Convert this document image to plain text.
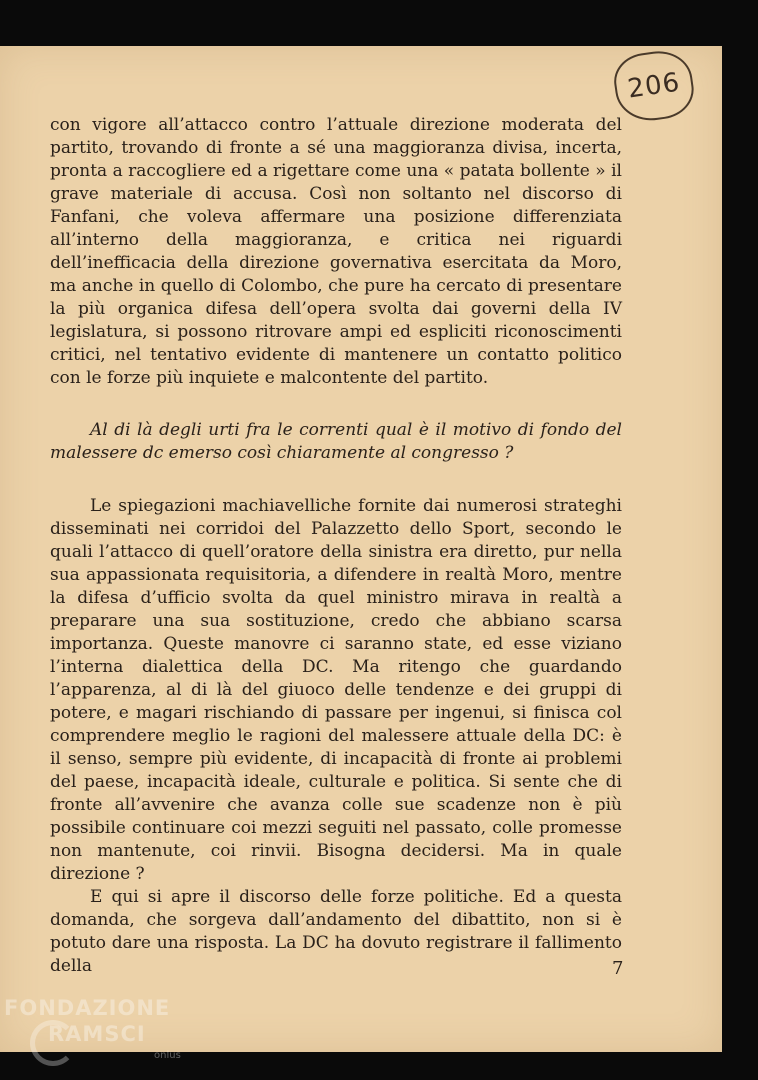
206

con vigore all’attacco contro l’attuale direzione moderata del partito, trovando di fronte a sé una maggioranza divisa, incerta, pronta a raccogliere ed a rigettare come una « patata bollente » il grave materiale di accusa. Così non soltanto nel discorso di Fanfani, che voleva affermare una posizione differenziata all’interno della maggioranza, e critica nei riguardi dell’inefficacia della direzione governativa esercitata da Moro, ma anche in quello di Colombo, che pure ha cercato di presentare la più organica difesa dell’opera svolta dai governi della IV legislatura, si possono ritrovare ampi ed espliciti riconoscimenti critici, nel tentativo evidente di mantenere un contatto politico con le forze più inquiete e malcontente del partito.

Al di là degli urti fra le correnti qual è il motivo di fondo del malessere dc emerso così chiaramente al congresso ?

Le spiegazioni machiavelliche fornite dai numerosi strateghi disseminati nei corridoi del Palazzetto dello Sport, secondo le quali l’attacco di quell’oratore della sinistra era diretto, pur nella sua appassionata requisitoria, a difendere in realtà Moro, mentre la difesa d’ufficio svolta da quel ministro mirava in realtà a preparare una sua sostituzione, credo che abbiano scarsa importanza. Queste manovre ci saranno state, ed esse viziano l’interna dialettica della DC. Ma ritengo che guardando l’apparenza, al di là del giuoco delle tendenze e dei gruppi di potere, e magari rischiando di passare per ingenui, si finisca col comprendere meglio le ragioni del malessere attuale della DC: è il senso, sempre più evidente, di incapacità di fronte ai problemi del paese, incapacità ideale, culturale e politica. Si sente che di fronte all’avvenire che avanza colle sue scadenze non è più possibile continuare coi mezzi seguiti nel passato, colle promesse non mantenute, coi rinvii. Bisogna decidersi. Ma in quale direzione ?

E qui si apre il discorso delle forze politiche. Ed a questa domanda, che sorgeva dall’andamento del dibattito, non si è potuto dare una risposta. La DC ha dovuto registrare il fallimento della	7
FONDAZIONE
RAMSCI
onlus
